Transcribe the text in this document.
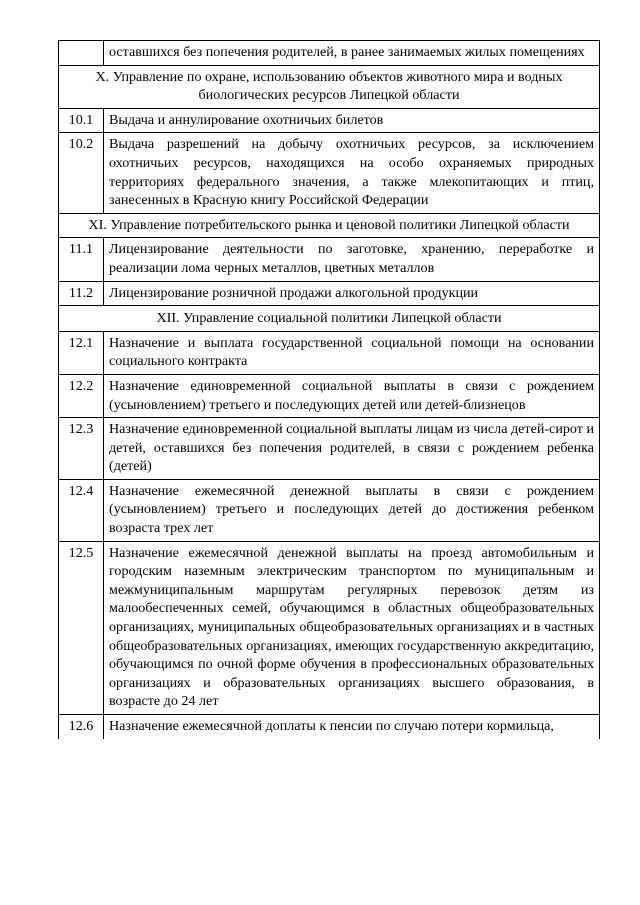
	оставшихся без попечения родителей, в ранее занимаемых жилых помещениях
X. Управление по охране, использованию объектов животного мира и водных биологических ресурсов Липецкой области	
10.1	Выдача и аннулирование охотничьих билетов
10.2	Выдача разрешений на добычу охотничьих ресурсов, за исключением охотничьих ресурсов, находящихся на особо охраняемых природных территориях федерального значения, а также млекопитающих и птиц, занесенных в Красную книгу Российской Федерации
XI. Управление потребительского рынка и ценовой политики Липецкой области	
11.1	Лицензирование деятельности по заготовке, хранению, переработке и реализации лома черных металлов, цветных металлов
11.2	Лицензирование розничной продажи алкогольной продукции
XII. Управление социальной политики Липецкой области	
12.1	Назначение и выплата государственной социальной помощи на основании социального контракта
12.2	Назначение единовременной социальной выплаты в связи с рождением (усыновлением) третьего и последующих детей или детей-близнецов
12.3	Назначение единовременной социальной выплаты лицам из числа детей-сирот и детей, оставшихся без попечения родителей, в связи с рождением ребенка (детей)
12.4	Назначение ежемесячной денежной выплаты в связи с рождением (усыновлением) третьего и последующих детей до достижения ребенком возраста трех лет
12.5	Назначение ежемесячной денежной выплаты на проезд автомобильным и городским наземным электрическим транспортом по муниципальным и межмуниципальным маршрутам регулярных перевозок детям из малообеспеченных семей, обучающимся в областных общеобразовательных организациях, муниципальных общеобразовательных организациях и в частных общеобразовательных организациях, имеющих государственную аккредитацию, обучающимся по очной форме обучения в профессиональных образовательных организациях и образовательных организациях высшего образования, в возрасте до 24 лет
12.6	Назначение ежемесячной доплаты к пенсии по случаю потери кормильца,
